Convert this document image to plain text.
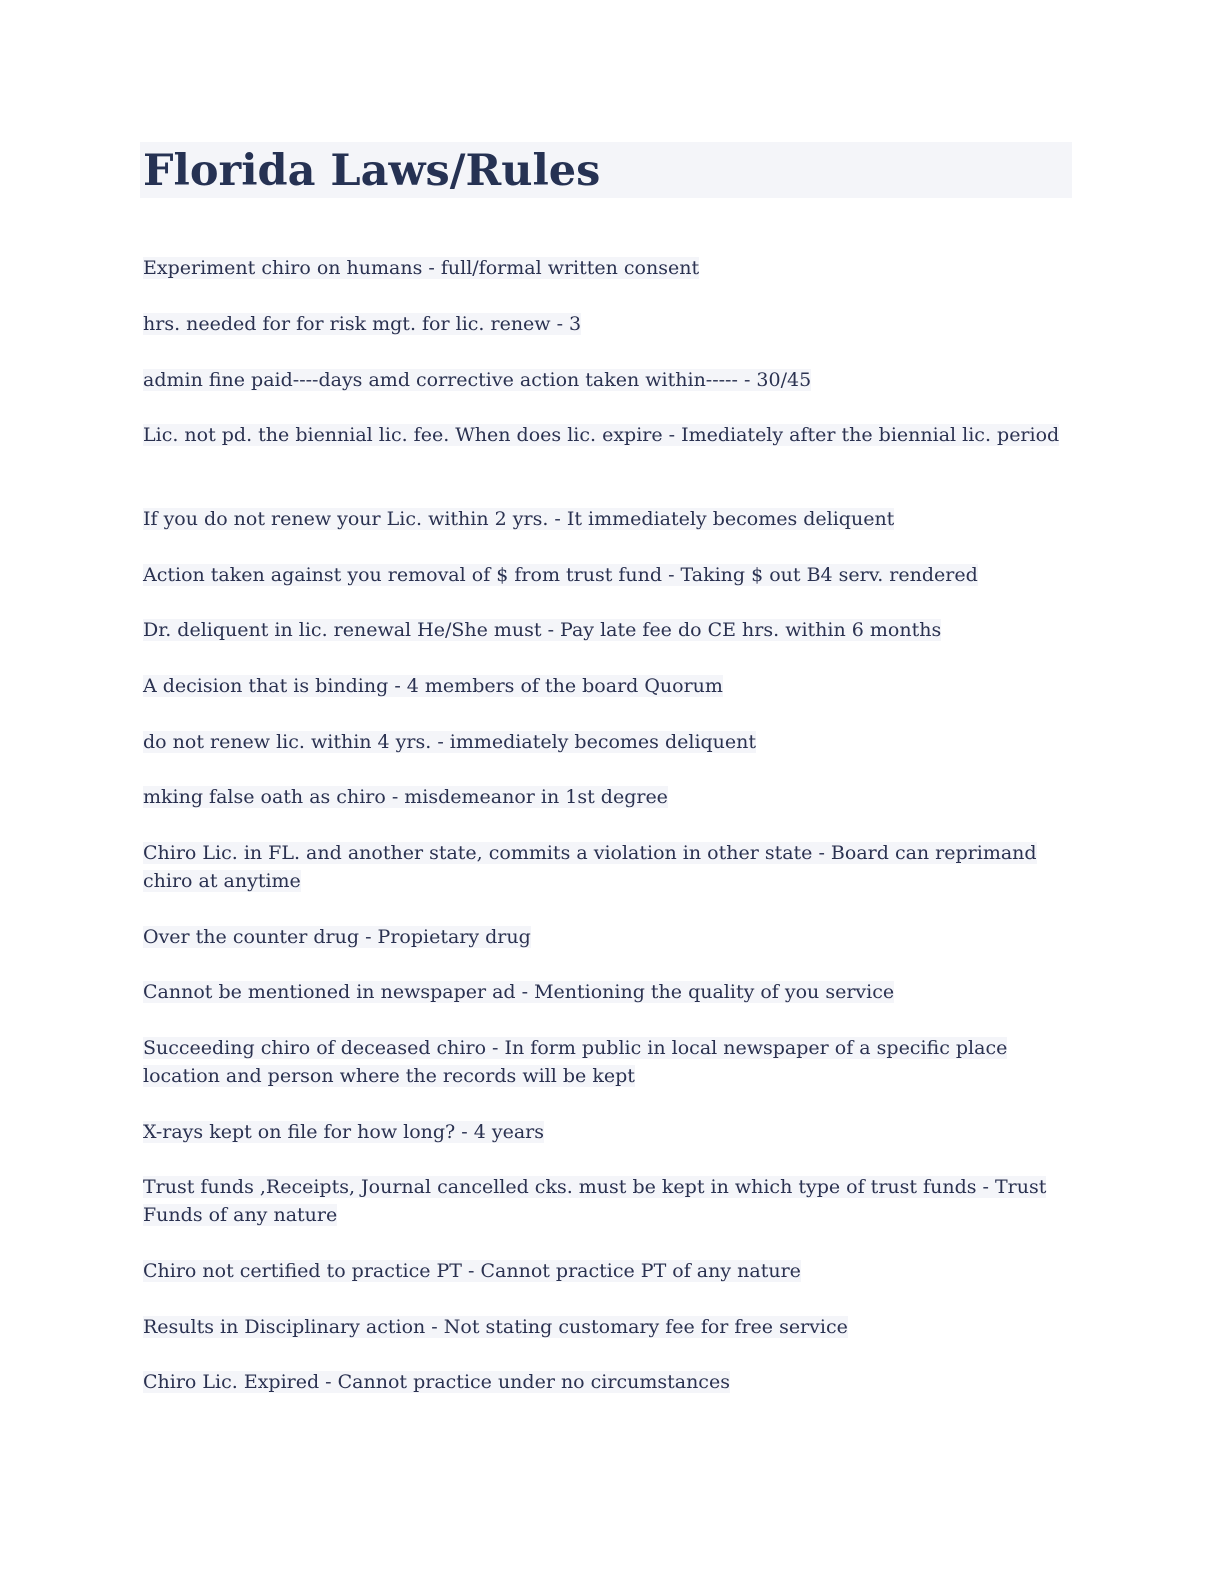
Florida Laws/Rules

Experiment chiro on humans - full/formal written consent

hrs. needed for for risk mgt. for lic. renew - 3

admin fine paid----days amd corrective action taken within----- - 30/45

Lic. not pd. the biennial lic. fee. When does lic. expire - Imediately after the biennial lic. period

If you do not renew your Lic. within 2 yrs. - It immediately becomes deliquent

Action taken against you removal of $ from trust fund - Taking $ out B4 serv. rendered

Dr. deliquent in lic. renewal He/She must - Pay late fee do CE hrs. within 6 months

A decision that is binding - 4 members of the board Quorum

do not renew lic. within 4 yrs. - immediately becomes deliquent

mking false oath as chiro - misdemeanor in 1st degree

Chiro Lic. in FL. and another state, commits a violation in other state - Board can reprimand chiro at anytime

Over the counter drug - Propietary drug

Cannot be mentioned in newspaper ad - Mentioning the quality of you service

Succeeding chiro of deceased chiro - In form public in local newspaper of a specific place location and person where the records will be kept

X-rays kept on file for how long? - 4 years

Trust funds ,Receipts, Journal cancelled cks. must be kept in which type of trust funds - Trust Funds of any nature

Chiro not certified to practice PT - Cannot practice PT of any nature

Results in Disciplinary action - Not stating customary fee for free service

Chiro Lic. Expired - Cannot practice under no circumstances
